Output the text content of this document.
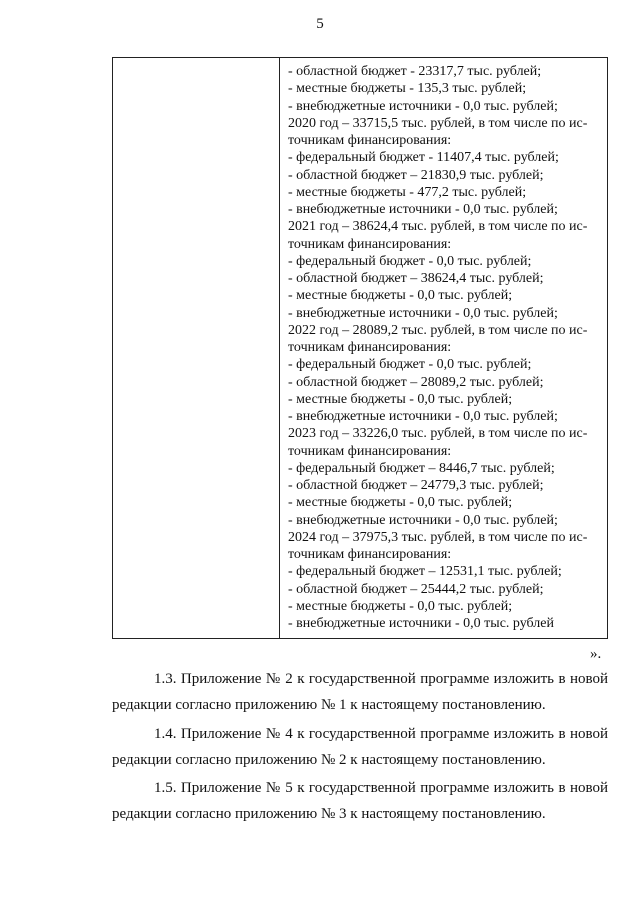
5
- областной бюджет - 23317,7 тыс. рублей;
- местные бюджеты - 135,3 тыс. рублей;
- внебюджетные источники - 0,0 тыс. рублей;
2020 год – 33715,5 тыс. рублей, в том числе по ис-
точникам финансирования:
- федеральный бюджет - 11407,4 тыс. рублей;
- областной бюджет – 21830,9 тыс. рублей;
- местные бюджеты - 477,2 тыс. рублей;
- внебюджетные источники - 0,0 тыс. рублей;
2021 год – 38624,4 тыс. рублей, в том числе по ис-
точникам финансирования:
- федеральный бюджет - 0,0 тыс. рублей;
- областной бюджет – 38624,4 тыс. рублей;
- местные бюджеты - 0,0 тыс. рублей;
- внебюджетные источники - 0,0 тыс. рублей;
2022 год – 28089,2 тыс. рублей, в том числе по ис-
точникам финансирования:
- федеральный бюджет - 0,0 тыс. рублей;
- областной бюджет – 28089,2 тыс. рублей;
- местные бюджеты - 0,0 тыс. рублей;
- внебюджетные источники - 0,0 тыс. рублей;
2023 год – 33226,0 тыс. рублей, в том числе по ис-
точникам финансирования:
- федеральный бюджет – 8446,7 тыс. рублей;
- областной бюджет – 24779,3 тыс. рублей;
- местные бюджеты - 0,0 тыс. рублей;
- внебюджетные источники - 0,0 тыс. рублей;
2024 год – 37975,3 тыс. рублей, в том числе по ис-
точникам финансирования:
- федеральный бюджет – 12531,1 тыс. рублей;
- областной бюджет – 25444,2 тыс. рублей;
- местные бюджеты - 0,0 тыс. рублей;
- внебюджетные источники - 0,0 тыс. рублей
».
1.3. Приложение № 2 к государственной программе изложить в новой
редакции согласно приложению № 1 к настоящему постановлению.
1.4. Приложение № 4 к государственной программе изложить в новой
редакции согласно приложению № 2 к настоящему постановлению.
1.5. Приложение № 5 к государственной программе изложить в новой
редакции согласно приложению № 3 к настоящему постановлению.
